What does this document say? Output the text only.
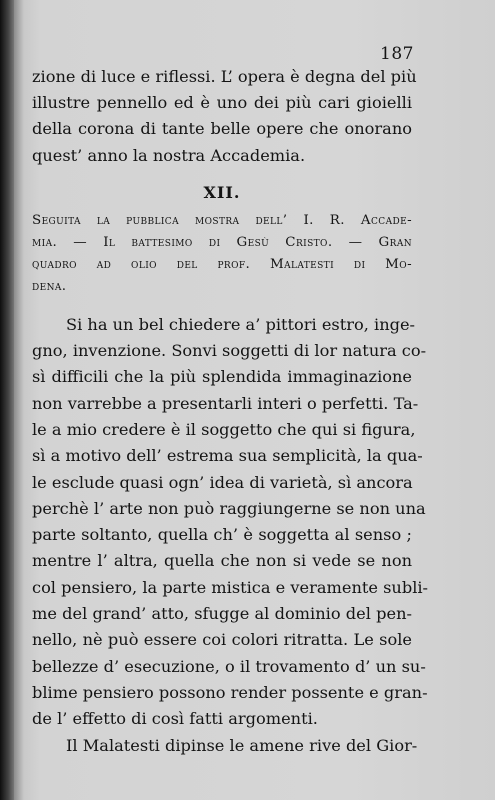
187
zione di luce e riflessi. L’ opera è degna del più
illustre pennello ed è uno dei più cari gioielli
della corona di tante belle opere che onorano
quest’ anno la nostra Accademia.
XII.
Seguita la pubblica mostra dell’ I. R. Accade-
mia. — Il battesimo di Gesù Cristo. — Gran
quadro ad olio del prof. Malatesti di Mo-
dena.
Si ha un bel chiedere a’ pittori estro, inge-
gno, invenzione. Sonvi soggetti di lor natura co-
sì difficili che la più splendida immaginazione
non varrebbe a presentarli interi o perfetti. Ta-
le a mio credere è il soggetto che qui si figura,
sì a motivo dell’ estrema sua semplicità, la qua-
le esclude quasi ogn’ idea di varietà, sì ancora
perchè l’ arte non può raggiungerne se non una
parte soltanto, quella ch’ è soggetta al senso ;
mentre l’ altra, quella che non si vede se non
col pensiero, la parte mistica e veramente subli-
me del grand’ atto, sfugge al dominio del pen-
nello, nè può essere coi colori ritratta. Le sole
bellezze d’ esecuzione, o il trovamento d’ un su-
blime pensiero possono render possente e gran-
de l’ effetto di così fatti argomenti.
Il Malatesti dipinse le amene rive del Gior-
